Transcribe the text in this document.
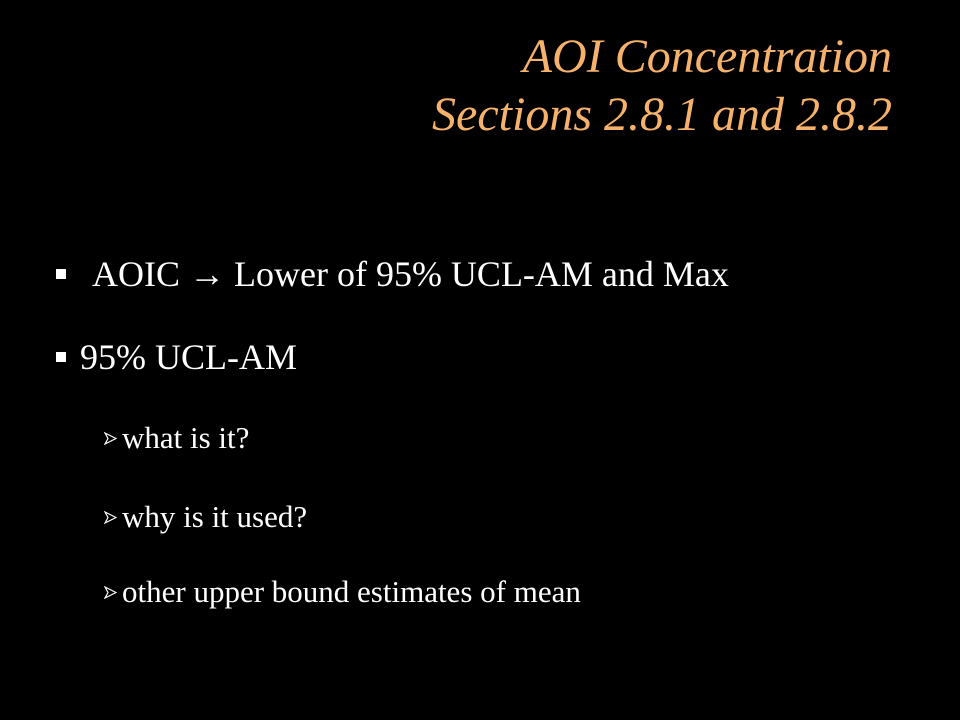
AOI Concentration
Sections 2.8.1 and 2.8.2
AOIC → Lower of 95% UCL-AM and Max
95% UCL-AM
what is it?
why is it used?
other upper bound estimates of mean
